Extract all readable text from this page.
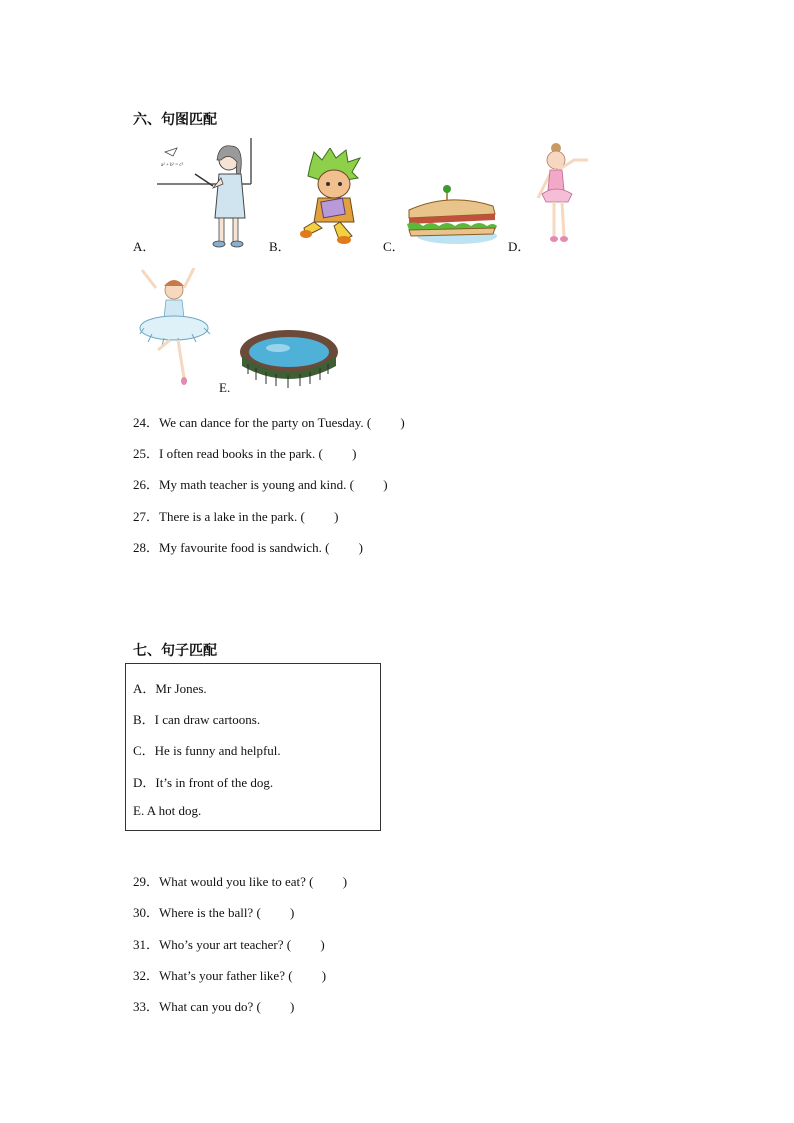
六、句图匹配
A．
a² + b² = c²
B．	C．	D．
E.
24．We can dance for the party on Tuesday. (         )
25．I often read books in the park. (         )
26．My math teacher is young and kind. (         )
27．There is a lake in the park. (         )
28．My favourite food is sandwich. (         )
七、句子匹配
A．Mr Jones.
B．I can draw cartoons.
C．He is funny and helpful.
D．It’s in front of the dog.
E. A hot dog.
29．What would you like to eat? (         )
30．Where is the ball? (         )
31．Who’s your art teacher? (         )
32．What’s your father like? (         )
33．What can you do? (         )
